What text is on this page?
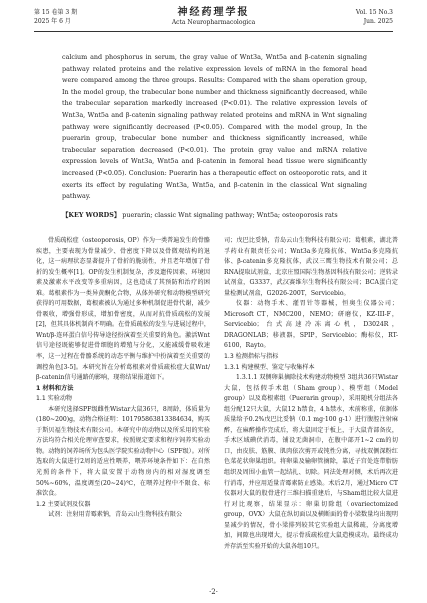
第 15 卷第 3 期
2025 年 6 月
神经药理学报
Acta Neuropharmacologica
Vol. 15 No.3
Jun. 2025

calcium and phosphorus in serum, the gray value of Wnt3a, Wnt5a and β-catenin signaling pathway related proteins and the relative expression levels of mRNA in the femoral head were compared among the three groups. Results: Compared with the sham operation group, In the model group, the trabecular bone number and thickness significantly decreased, while the trabecular separation markedly increased (P<0.01). The relative expression levels of Wnt3a, Wnt5a and β-catenin signaling pathway related proteins and mRNA in Wnt signaling pathway were significantly decreased (P<0.05). Compared with the model group, In the puerarin group, trabecular bone number and thickness significantly increased, while trabecular separation decreased (P<0.01). The protein gray value and mRNA relative expression levels of Wnt3a, Wnt5a and β-catenin in femoral head tissue were significantly increased (P<0.05). Conclusion: Puerarin has a therapeutic effect on osteoporotic rats, and it exerts its effect by regulating Wnt3a, Wnt5a, and β-catenin in the classical Wnt signaling pathway.

【KEY WORDS】 puerarin; classic Wnt signaling pathway; Wnt5a; osteoporosis rats

骨质疏松症（osteoporosis, OP）作为一类普遍发生的骨骼疾患，主要表现为骨量减少、骨密度下降以及骨微观结构的退化，这一病理状态显著提升了骨折的脆弱性，并且老年增加了骨折的发生概率[1]。OP的发生机制复杂，涉及遗传因素、环境因素及激素水平改变等多重病因，这也造成了其预防和治疗的困难。葛根素作为一类异黄酮化合物，从体外研究和动物模型研究获得的可用数据，葛根素被认为通过多种机制促进骨代谢，减少骨吸收，增强骨形成，增加骨密度，从而对抗骨质疏松的发展[2]，但其具体机制尚不明确。在骨质疏松的发生与进展过程中，Wnt/β-连环蛋白信号传导途径扮演着至关重要的角色。激活Wnt信号途径既能够促进骨细胞的增殖与分化，又能减缓骨吸收速率，这一过程在骨骼系统的动态平衡与维护中扮演着至关重要的调控角色[3-5]。本研究旨在分析葛根素对骨质疏松症大鼠Wnt/β-catenin信号通路的影响，现将结果报道如下。

1 材料和方法

1.1 实验动物

本研究选择SPF级雌性Wistar大鼠36只，8周龄，体质量为(180~200)g，动物合格证明：101795863813384634，购买于斯贝福生物技术有限公司。本研究中的动物以及所采用的实验方法均符合相关伦理审查要求，按照规定要求和程序饲养实验动物。动物的饲养场所为包头医学院实验动物中心（SPF级）。对所选取的大鼠进行2周的适应性喂养，喂养环境条件如下：在自然光照的条件下，将大鼠安置于动物房内的相对湿度调至50%~60%，温度调至(20~24)℃，在喂养过程中不限食、标准饮食。

1.2 主要试剂及仪器

试剂：注射用青霉素钠，青岛云山生物科技有限公

司；戊巴比妥钠，青岛云山生物科技有限公司；葛根素，湖北普孚药业有限责任公司；Wnt3a多克隆抗体、Wnt5a多克隆抗体、β-catenin多克隆抗体，武汉三鹰生物技术有限公司；总RNA提取试剂盒，北京庄盟国际生物基因科技有限公司；逆转录试剂盒，G3337，武汉赛维尔生物科技有限公司；BCA蛋白定量检测试剂盒，G2026-200T，Servicebio。

仪器：动物手术、灌胃针等器械，恒奥生仪器公司；Microsoft CT，NMC200，NEMO；研磨仪，KZ-III-F，Servicebio；台式高速冷冻离心机，D3024R，DRAGONLAB；移液器，SPIP，Servicebio；酶标仪，RT-6100，Rayto。

1.3 检测指标与指标

1.3.1 构建模型、鉴定与收集样本

1.3.1.1 双侧卵巢摘除技术构建动物模型 3组共36只Wistar大鼠，包括假手术组（Sham group）、模型组（Model group）以及葛根素组（Puerarin group），采用随机分组法各组分配12只大鼠，大鼠12 h禁食，4 h禁水，术前称重，依据体质量给予0.2%戊巴比妥钠（0.1 mg·100 g-1）进行腹腔注射麻醉，在麻醉操作完成后，将大鼠固定于板上，于大鼠背部备皮，手术区域碘伏消毒，铺设无菌洞巾，在腹中部开1~2 cm的切口，由皮肤、筋膜、肌肉依次剪开或钝性分离，寻找双侧深粉红色菜花状卵巢组织。将卵巢及输卵管摘除，靠近子宫处连带脂肪组织及周围小血管一起结扎、切除。同法处理对侧，术后再次进行消毒，并应用适量青霉素防止感染。术后2月，通过Micro CT仪器对大鼠的股骨进行三维扫描重建后，与Sham组比较大鼠进行对比观察，结果显示：卵巢切除组（ovariectomized group，OVX）大鼠在纵切面以及横断面的骨小梁数量均出现明显减少的情况，骨小梁排列较其它实验组大鼠稀疏，分离度增加，间隙也出现增大，提示骨质疏松症大鼠造模成功。最终成功并存活至实验开始的大鼠各组10只。

·2·
